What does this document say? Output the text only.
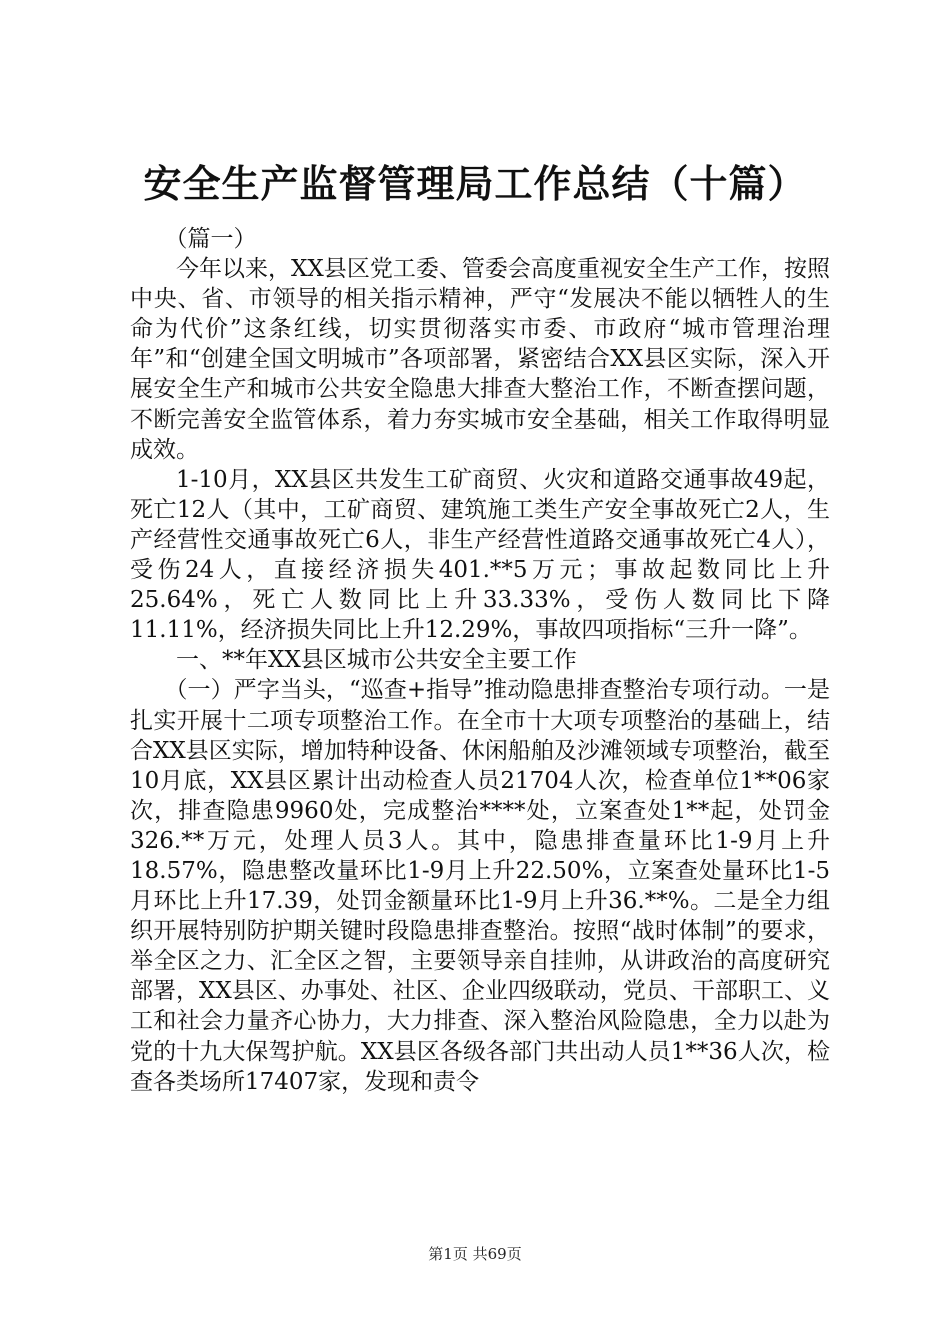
安全生产监督管理局工作总结（十篇）

（篇一）

今年以来，XX县区党工委、管委会高度重视安全生产工作，按照中央、省、市领导的相关指示精神，严守“发展决不能以牺牲人的生命为代价”这条红线，切实贯彻落实市委、市政府“城市管理治理年”和“创建全国文明城市”各项部署，紧密结合XX县区实际，深入开展安全生产和城市公共安全隐患大排查大整治工作，不断查摆问题，不断完善安全监管体系，着力夯实城市安全基础，相关工作取得明显成效。

1-10月，XX县区共发生工矿商贸、火灾和道路交通事故49起，死亡12人（其中，工矿商贸、建筑施工类生产安全事故死亡2人，生产经营性交通事故死亡6人，非生产经营性道路交通事故死亡4人），受伤24人，直接经济损失401.**5万元；事故起数同比上升25.64%，死亡人数同比上升33.33%，受伤人数同比下降11.11%，经济损失同比上升12.29%，事故四项指标“三升一降”。

一、**年XX县区城市公共安全主要工作

（一）严字当头，“巡查+指导”推动隐患排查整治专项行动。一是扎实开展十二项专项整治工作。在全市十大项专项整治的基础上，结合XX县区实际，增加特种设备、休闲船舶及沙滩领域专项整治，截至10月底，XX县区累计出动检查人员21704人次，检查单位1**06家次，排查隐患9960处，完成整治****处，立案查处1**起，处罚金326.**万元，处理人员3人。其中，隐患排查量环比1-9月上升18.57%，隐患整改量环比1-9月上升22.50%，立案查处量环比1-5月环比上升17.39，处罚金额量环比1-9月上升36.**%。二是全力组织开展特别防护期关键时段隐患排查整治。按照“战时体制”的要求，举全区之力、汇全区之智，主要领导亲自挂帅，从讲政治的高度研究部署，XX县区、办事处、社区、企业四级联动，党员、干部职工、义工和社会力量齐心协力，大力排查、深入整治风险隐患，全力以赴为党的十九大保驾护航。XX县区各级各部门共出动人员1**36人次，检查各类场所17407家，发现和责令

第1页 共69页
